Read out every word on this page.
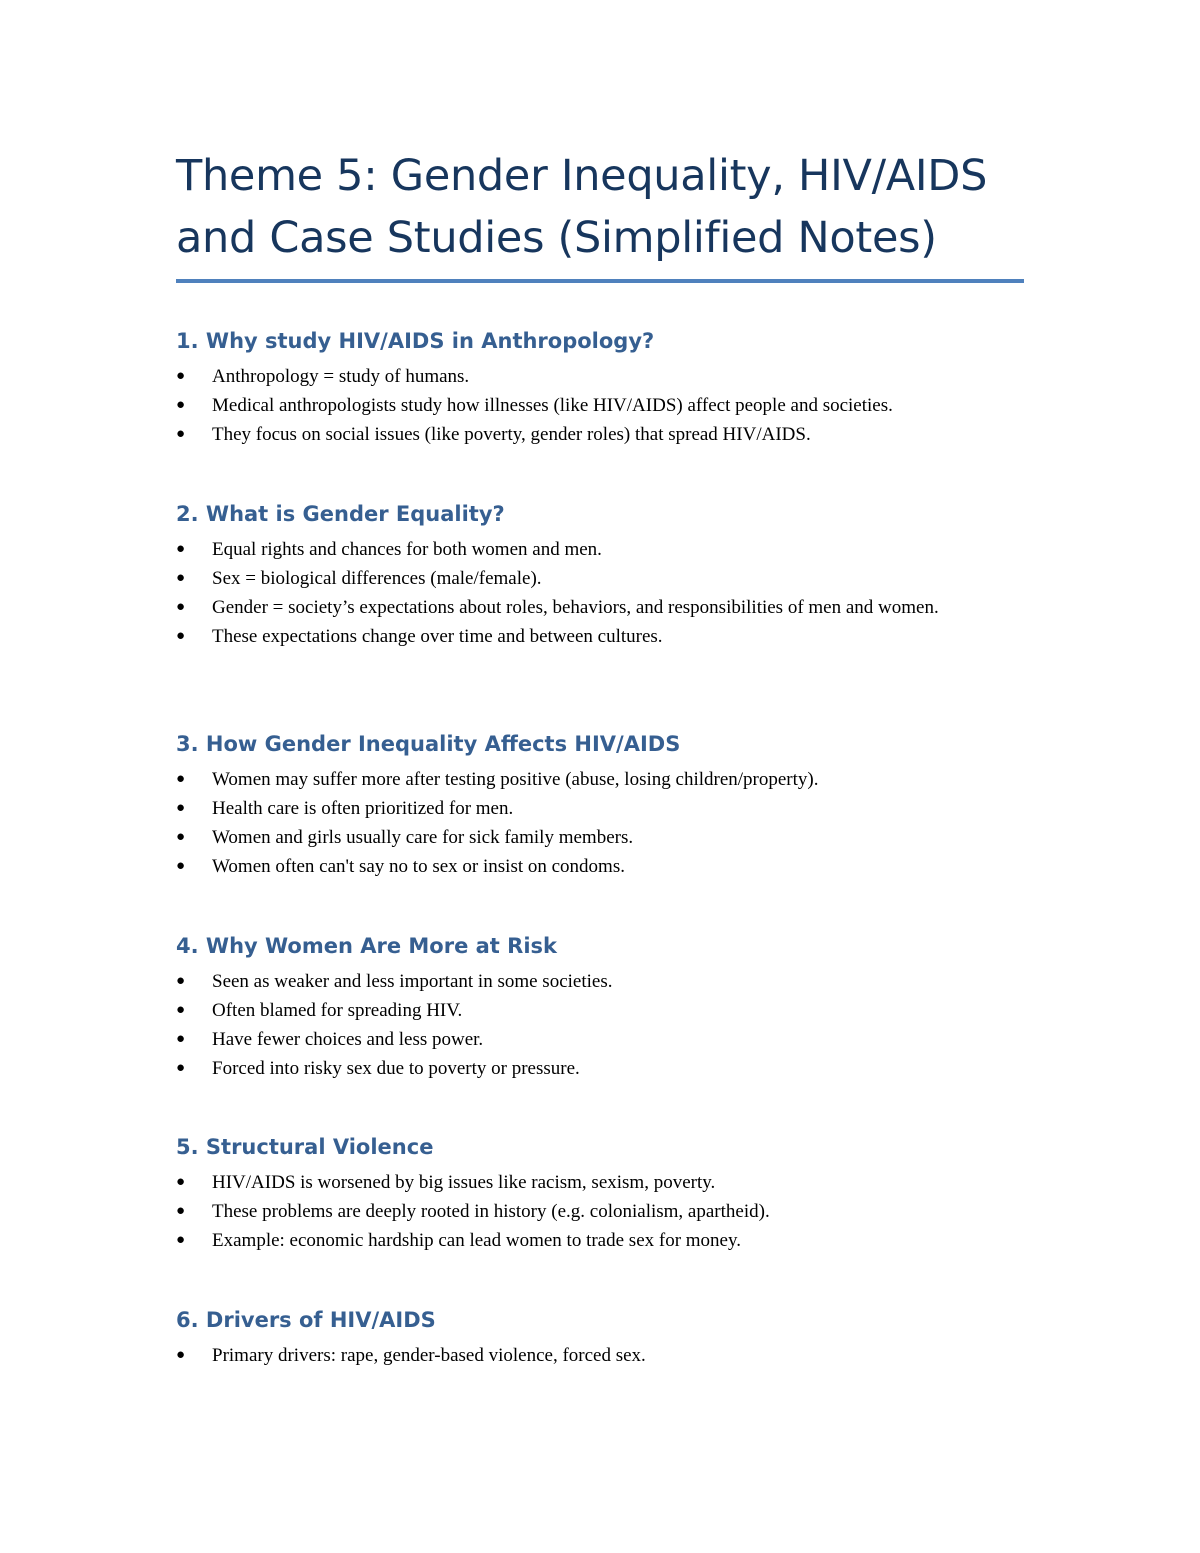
Theme 5: Gender Inequality, HIV/AIDS
and Case Studies (Simplified Notes)
1. Why study HIV/AIDS in Anthropology?
● Anthropology = study of humans.
● Medical anthropologists study how illnesses (like HIV/AIDS) affect people and societies.
● They focus on social issues (like poverty, gender roles) that spread HIV/AIDS.
2. What is Gender Equality?
● Equal rights and chances for both women and men.
● Sex = biological differences (male/female).
● Gender = society’s expectations about roles, behaviors, and responsibilities of men and women.
● These expectations change over time and between cultures.
3. How Gender Inequality Affects HIV/AIDS
● Women may suffer more after testing positive (abuse, losing children/property).
● Health care is often prioritized for men.
● Women and girls usually care for sick family members.
● Women often can't say no to sex or insist on condoms.
4. Why Women Are More at Risk
● Seen as weaker and less important in some societies.
● Often blamed for spreading HIV.
● Have fewer choices and less power.
● Forced into risky sex due to poverty or pressure.
5. Structural Violence
● HIV/AIDS is worsened by big issues like racism, sexism, poverty.
● These problems are deeply rooted in history (e.g. colonialism, apartheid).
● Example: economic hardship can lead women to trade sex for money.
6. Drivers of HIV/AIDS
● Primary drivers: rape, gender-based violence, forced sex.
